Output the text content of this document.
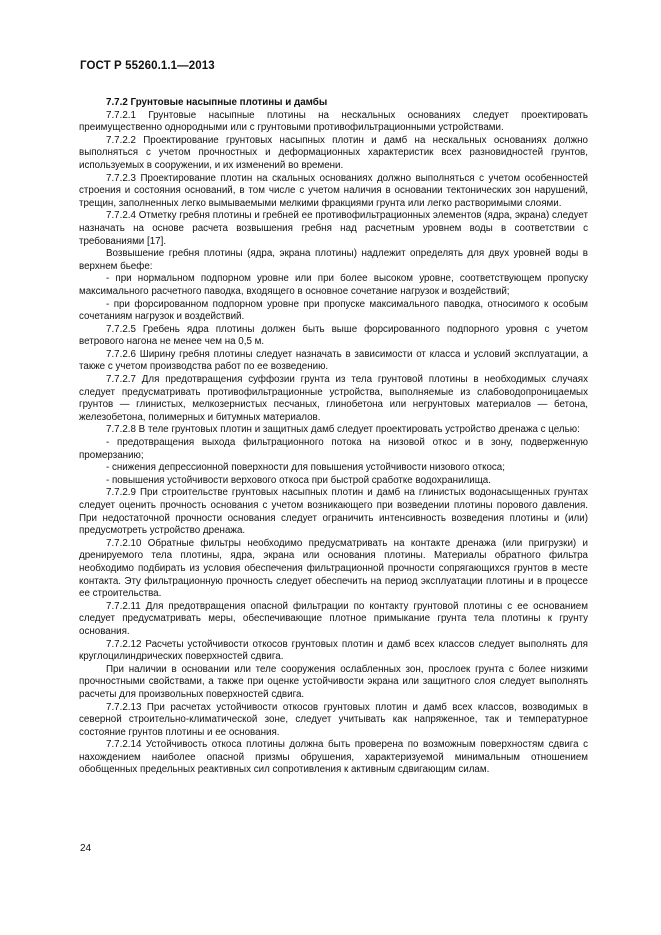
ГОСТ Р 55260.1.1—2013
7.7.2 Грунтовые насыпные плотины и дамбы

7.7.2.1 Грунтовые насыпные плотины на нескальных основаниях следует проектировать преимущественно однородными или с грунтовыми противофильтрационными устройствами.

7.7.2.2 Проектирование грунтовых насыпных плотин и дамб на нескальных основаниях должно выполняться с учетом прочностных и деформационных характеристик всех разновидностей грунтов, используемых в сооружении, и их изменений во времени.

7.7.2.3 Проектирование плотин на скальных основаниях должно выполняться с учетом особенностей строения и состояния оснований, в том числе с учетом наличия в основании тектонических зон нарушений, трещин, заполненных легко вымываемыми мелкими фракциями грунта или легко растворимыми слоями.

7.7.2.4 Отметку гребня плотины и гребней ее противофильтрационных элементов (ядра, экрана) следует назначать на основе расчета возвышения гребня над расчетным уровнем воды в соответствии с требованиями [17].

Возвышение гребня плотины (ядра, экрана плотины) надлежит определять для двух уровней воды в верхнем бьефе:

- при нормальном подпорном уровне или при более высоком уровне, соответствующем пропуску максимального расчетного паводка, входящего в основное сочетание нагрузок и воздействий;

- при форсированном подпорном уровне при пропуске максимального паводка, относимого к особым сочетаниям нагрузок и воздействий.

7.7.2.5 Гребень ядра плотины должен быть выше форсированного подпорного уровня с учетом ветрового нагона не менее чем на 0,5 м.

7.7.2.6 Ширину гребня плотины следует назначать в зависимости от класса и условий эксплуатации, а также с учетом производства работ по ее возведению.

7.7.2.7 Для предотвращения суффозии грунта из тела грунтовой плотины в необходимых случаях следует предусматривать противофильтрационные устройства, выполняемые из слабоводопроницаемых грунтов — глинистых, мелкозернистых песчаных, глинобетона или негрунтовых материалов — бетона, железобетона, полимерных и битумных материалов.

7.7.2.8 В теле грунтовых плотин и защитных дамб следует проектировать устройство дренажа с целью:

- предотвращения выхода фильтрационного потока на низовой откос и в зону, подверженную промерзанию;

- снижения депрессионной поверхности для повышения устойчивости низового откоса;

- повышения устойчивости верхового откоса при быстрой сработке водохранилища.

7.7.2.9 При строительстве грунтовых насыпных плотин и дамб на глинистых водонасыщенных грунтах следует оценить прочность основания с учетом возникающего при возведении плотины порового давления. При недостаточной прочности основания следует ограничить интенсивность возведения плотины и (или) предусмотреть устройство дренажа.

7.7.2.10 Обратные фильтры необходимо предусматривать на контакте дренажа (или пригрузки) и дренируемого тела плотины, ядра, экрана или основания плотины. Материалы обратного фильтра необходимо подбирать из условия обеспечения фильтрационной прочности сопрягающихся грунтов в месте контакта. Эту фильтрационную прочность следует обеспечить на период эксплуатации плотины и в процессе ее строительства.

7.7.2.11 Для предотвращения опасной фильтрации по контакту грунтовой плотины с ее основанием следует предусматривать меры, обеспечивающие плотное примыкание грунта тела плотины к грунту основания.

7.7.2.12 Расчеты устойчивости откосов грунтовых плотин и дамб всех классов следует выполнять для круглоцилиндрических поверхностей сдвига.

При наличии в основании или теле сооружения ослабленных зон, прослоек грунта с более низкими прочностными свойствами, а также при оценке устойчивости экрана или защитного слоя следует выполнять расчеты для произвольных поверхностей сдвига.

7.7.2.13 При расчетах устойчивости откосов грунтовых плотин и дамб всех классов, возводимых в северной строительно-климатической зоне, следует учитывать как напряженное, так и температурное состояние грунтов плотины и ее основания.

7.7.2.14 Устойчивость откоса плотины должна быть проверена по возможным поверхностям сдвига с нахождением наиболее опасной призмы обрушения, характеризуемой минимальным отношением обобщенных предельных реактивных сил сопротивления к активным сдвигающим силам.

24
